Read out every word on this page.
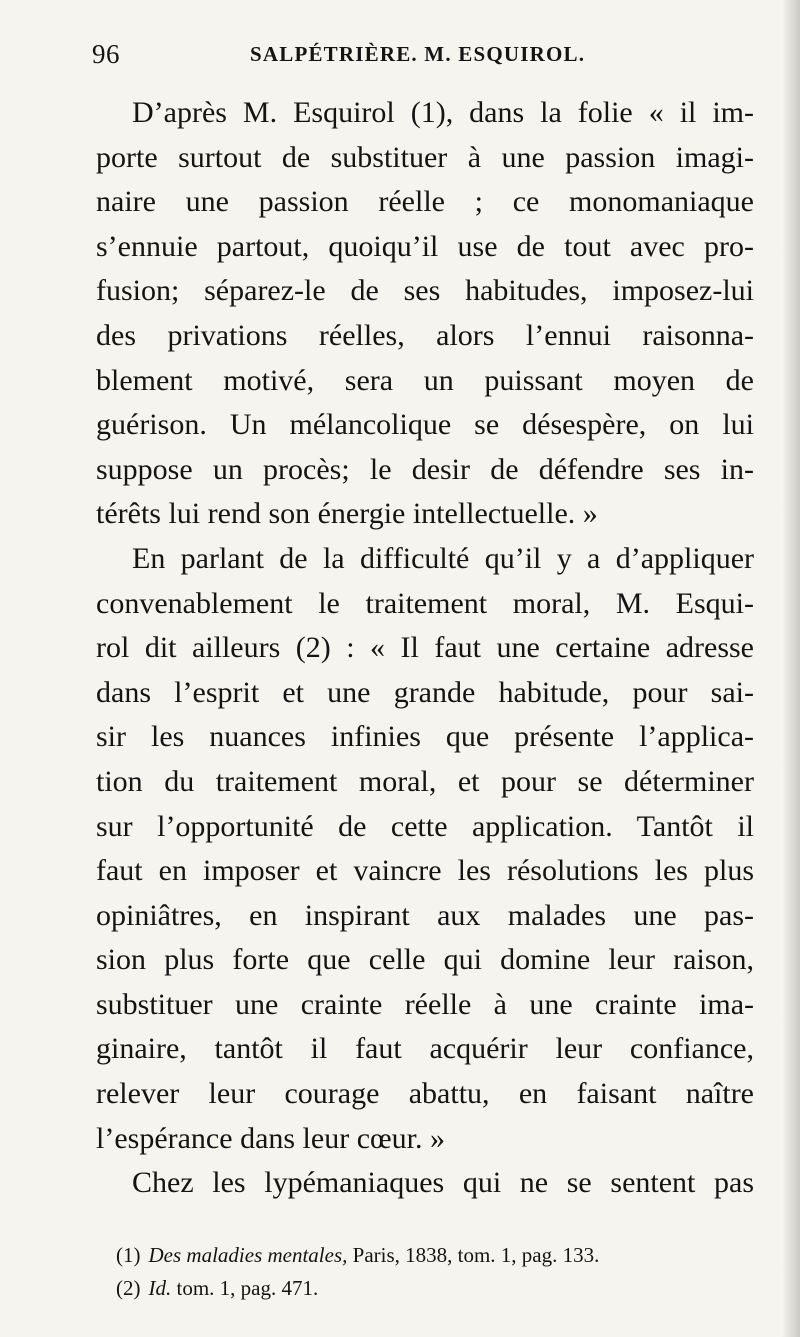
96	SALPÉTRIÈRE. M. ESQUIROL.
D’après M. Esquirol (1), dans la folie « il im-
porte surtout de substituer à une passion imagi-
naire une passion réelle ; ce monomaniaque
s’ennuie partout, quoiqu’il use de tout avec pro-
fusion; séparez-le de ses habitudes, imposez-lui
des privations réelles, alors l’ennui raisonna-
blement motivé, sera un puissant moyen de
guérison. Un mélancolique se désespère, on lui
suppose un procès; le desir de défendre ses in-
térêts lui rend son énergie intellectuelle. »
En parlant de la difficulté qu’il y a d’appliquer
convenablement le traitement moral, M. Esqui-
rol dit ailleurs (2) : « Il faut une certaine adresse
dans l’esprit et une grande habitude, pour sai-
sir les nuances infinies que présente l’applica-
tion du traitement moral, et pour se déterminer
sur l’opportunité de cette application. Tantôt il
faut en imposer et vaincre les résolutions les plus
opiniâtres, en inspirant aux malades une pas-
sion plus forte que celle qui domine leur raison,
substituer une crainte réelle à une crainte ima-
ginaire, tantôt il faut acquérir leur confiance,
relever leur courage abattu, en faisant naître
l’espérance dans leur cœur. »
Chez les lypémaniaques qui ne se sentent pas
(1) Des maladies mentales, Paris, 1838, tom. 1, pag. 133.
(2) Id. tom. 1, pag. 471.
